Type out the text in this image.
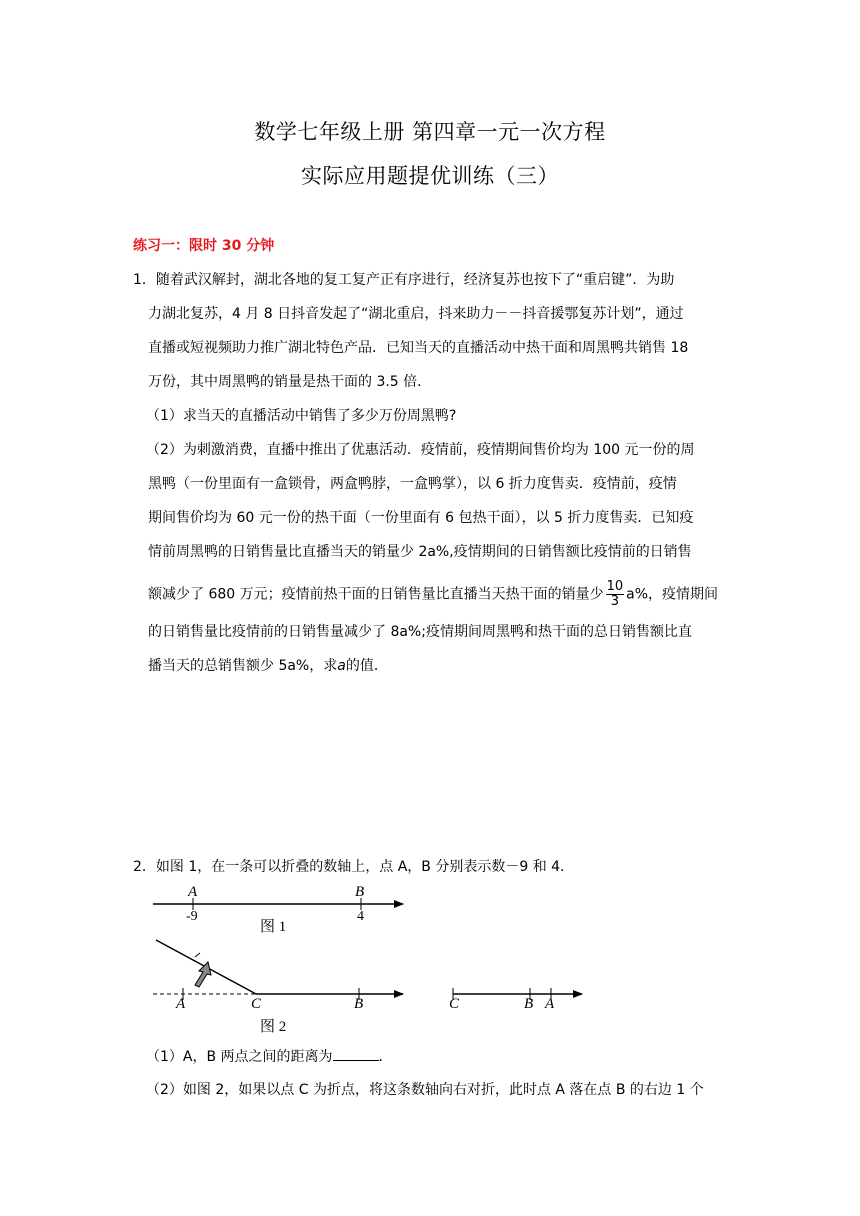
数学七年级上册 第四章一元一次方程
实际应用题提优训练（三）
练习一：限时 30 分钟
1．随着武汉解封，湖北各地的复工复产正有序进行，经济复苏也按下了“重启键”．为助
力湖北复苏，4 月 8 日抖音发起了“湖北重启，抖来助力－－抖音援鄂复苏计划”，通过
直播或短视频助力推广湖北特色产品．已知当天的直播活动中热干面和周黑鸭共销售 18
万份，其中周黑鸭的销量是热干面的 3.5 倍．
（1）求当天的直播活动中销售了多少万份周黑鸭?
（2）为刺激消费，直播中推出了优惠活动．疫情前，疫情期间售价均为 100 元一份的周
黑鸭（一份里面有一盒锁骨，两盒鸭脖，一盒鸭掌），以 6 折力度售卖．疫情前，疫情
期间售价均为 60 元一份的热干面（一份里面有 6 包热干面），以 5 折力度售卖．已知疫
情前周黑鸭的日销售量比直播当天的销量少 2a%,疫情期间的日销售额比疫情前的日销售
额减少了 680 万元；疫情前热干面的日销售量比直播当天热干面的销量少 $\frac{10}{3} a\%$，疫情期间
的日销售量比疫情前的日销售量减少了 8a%;疫情期间周黑鸭和热干面的总日销售额比直
播当天的总销售额少 5a%，求a的值．
2．如图 1，在一条可以折叠的数轴上，点 A，B 分别表示数－9 和 4．
A	B
-9	4
图 1
A	C	B
图 2
C	B A
（1）A，B 两点之间的距离为	．
（2）如图 2，如果以点 C 为折点，将这条数轴向右对折，此时点 A 落在点 B 的右边 1 个
